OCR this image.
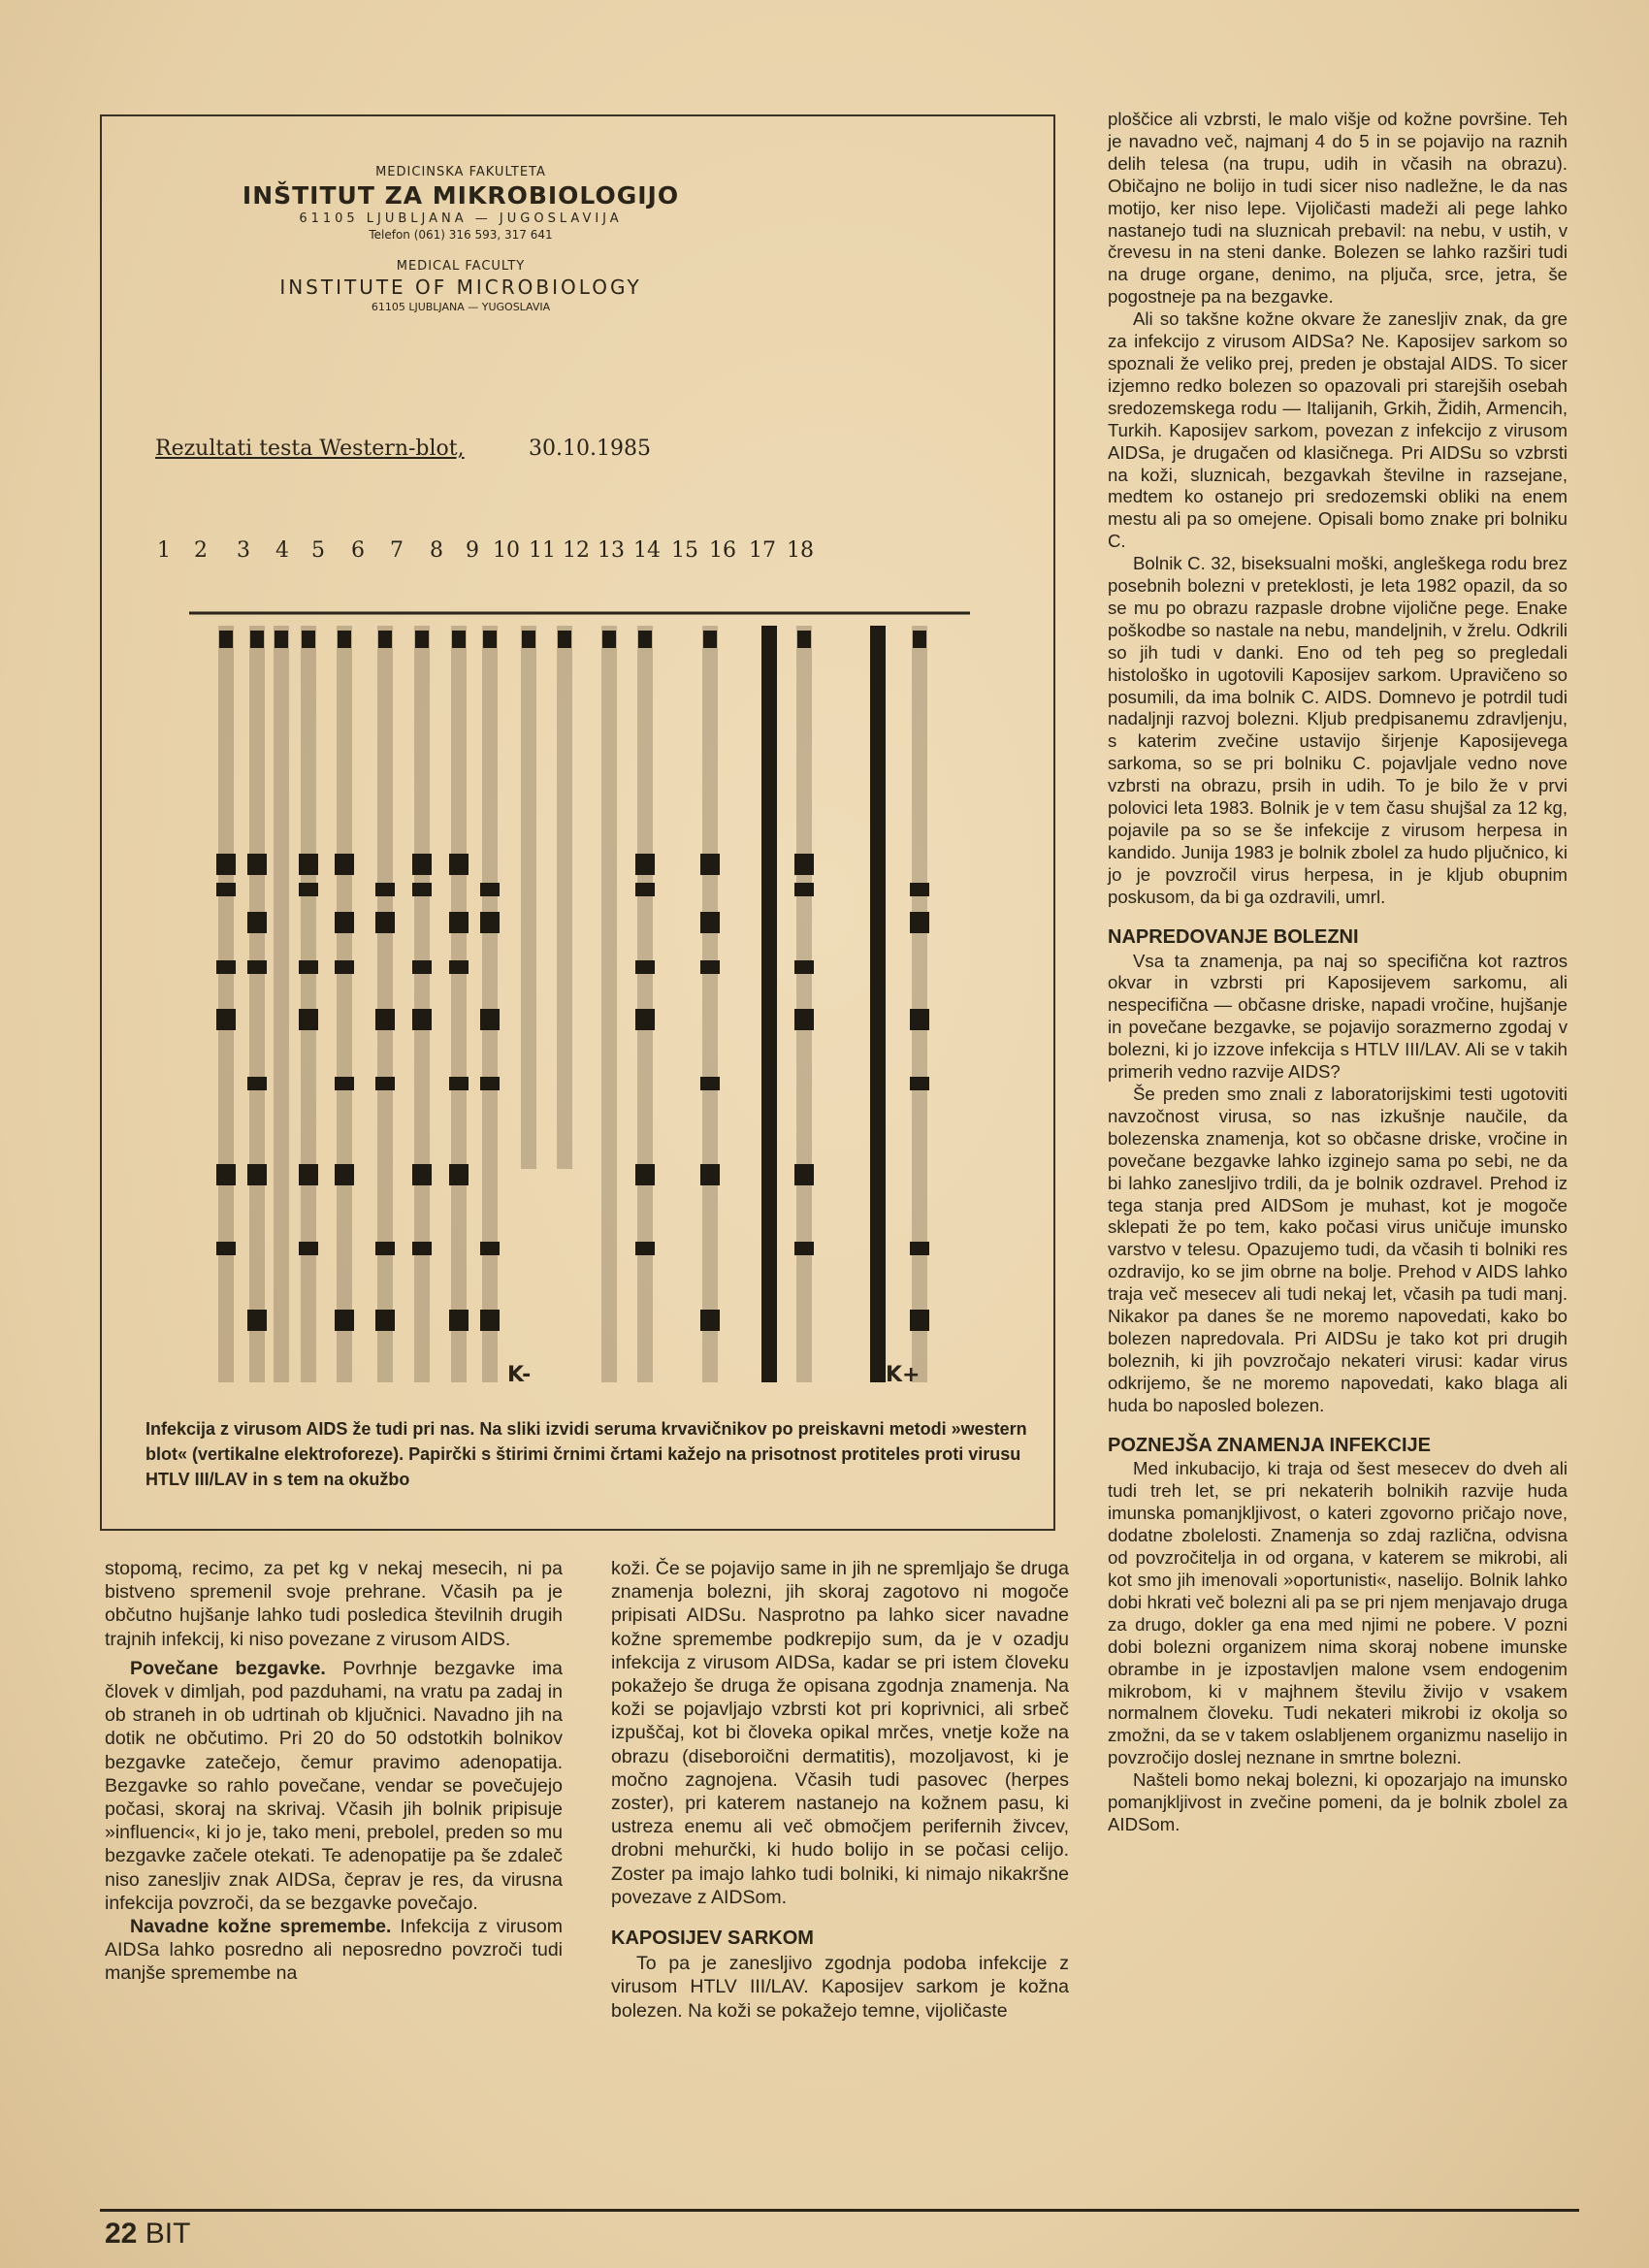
MEDICINSKA FAKULTETA

INŠTITUT ZA MIKROBIOLOGIJO

61105 LJUBLJANA — JUGOSLAVIJA

Telefon (061) 316 593, 317 641

MEDICAL FACULTY

INSTITUTE OF MICROBIOLOGY

61105 LJUBLJANA — YUGOSLAVIA

Rezultati testa Western-blot,	30.10.1985
1 2 3 4 5 6 7 8 9 10 11 12 13 14 15 16 17 18
K-	K+
Infekcija z virusom AIDS že tudi pri nas. Na sliki izvidi seruma krvavičnikov po preiskavni metodi »western blot« (vertikalne elektroforeze). Papirčki s štirimi črnimi črtami kažejo na prisotnost protiteles proti virusu HTLV III/LAV in s tem na okužbo

stopomą, recimo, za pet kg v nekaj mesecih, ni pa bistveno spremenil svoje prehrane. Včasih pa je občutno hujšanje lahko tudi posledica številnih drugih trajnih infekcij, ki niso povezane z virusom AIDS.

Povečane bezgavke. Povrhnje bezgavke ima človek v dimljah, pod pazduhami, na vratu pa zadaj in ob straneh in ob udrtinah ob ključnici. Navadno jih na dotik ne občutimo. Pri 20 do 50 odstotkih bolnikov bezgavke zatečejo, čemur pravimo adenopatija. Bezgavke so rahlo povečane, vendar se povečujejo počasi, skoraj na skrivaj. Včasih jih bolnik pripisuje »influenci«, ki jo je, tako meni, prebolel, preden so mu bezgavke začele otekati. Te adenopatije pa še zdaleč niso zanesljiv znak AIDSa, čeprav je res, da virusna infekcija povzroči, da se bezgavke povečajo.

Navadne kožne spremembe. Infekcija z virusom AIDSa lahko posredno ali neposredno povzroči tudi manjše spremembe na

koži. Če se pojavijo same in jih ne spremljajo še druga znamenja bolezni, jih skoraj zagotovo ni mogoče pripisati AIDSu. Nasprotno pa lahko sicer navadne kožne spremembe podkrepijo sum, da je v ozadju infekcija z virusom AIDSa, kadar se pri istem človeku pokažejo še druga že opisana zgodnja znamenja. Na koži se pojavljajo vzbrsti kot pri koprivnici, ali srbeč izpuščaj, kot bi človeka opikal mrčes, vnetje kože na obrazu (diseboroični dermatitis), mozoljavost, ki je močno zagnojena. Včasih tudi pasovec (herpes zoster), pri katerem nastanejo na kožnem pasu, ki ustreza enemu ali več območjem perifernih živcev, drobni mehurčki, ki hudo bolijo in se počasi celijo. Zoster pa imajo lahko tudi bolniki, ki nimajo nikakršne povezave z AIDSom.

KAPOSIJEV SARKOM

To pa je zanesljivo zgodnja podoba infekcije z virusom HTLV III/LAV. Kaposijev sarkom je kožna bolezen. Na koži se pokažejo temne, vijoličaste

ploščice ali vzbrsti, le malo višje od kožne površine. Teh je navadno več, najmanj 4 do 5 in se pojavijo na raznih delih telesa (na trupu, udih in včasih na obrazu). Običajno ne bolijo in tudi sicer niso nadležne, le da nas motijo, ker niso lepe. Vijoličasti madeži ali pege lahko nastanejo tudi na sluznicah prebavil: na nebu, v ustih, v črevesu in na steni danke. Bolezen se lahko razširi tudi na druge organe, denimo, na pljuča, srce, jetra, še pogostneje pa na bezgavke.

Ali so takšne kožne okvare že zanesljiv znak, da gre za infekcijo z virusom AIDSa? Ne. Kaposijev sarkom so spoznali že veliko prej, preden je obstajal AIDS. To sicer izjemno redko bolezen so opazovali pri starejših osebah sredozemskega rodu — Italijanih, Grkih, Židih, Armencih, Turkih. Kaposijev sarkom, povezan z infekcijo z virusom AIDSa, je drugačen od klasičnega. Pri AIDSu so vzbrsti na koži, sluznicah, bezgavkah številne in razsejane, medtem ko ostanejo pri sredozemski obliki na enem mestu ali pa so omejene. Opisali bomo znake pri bolniku C.

Bolnik C. 32, biseksualni moški, angleškega rodu brez posebnih bolezni v preteklosti, je leta 1982 opazil, da so se mu po obrazu razpasle drobne vijolične pege. Enake poškodbe so nastale na nebu, mandeljnih, v žrelu. Odkrili so jih tudi v danki. Eno od teh peg so pregledali histološko in ugotovili Kaposijev sarkom. Upravičeno so posumili, da ima bolnik C. AIDS. Domnevo je potrdil tudi nadaljnji razvoj bolezni. Kljub predpisanemu zdravljenju, s katerim zvečine ustavijo širjenje Kaposijevega sarkoma, so se pri bolniku C. pojavljale vedno nove vzbrsti na obrazu, prsih in udih. To je bilo že v prvi polovici leta 1983. Bolnik je v tem času shujšal za 12 kg, pojavile pa so se še infekcije z virusom herpesa in kandido. Junija 1983 je bolnik zbolel za hudo pljučnico, ki jo je povzročil virus herpesa, in je kljub obupnim poskusom, da bi ga ozdravili, umrl.

NAPREDOVANJE BOLEZNI

Vsa ta znamenja, pa naj so specifična kot raztros okvar in vzbrsti pri Kaposijevem sarkomu, ali nespecifična — občasne driske, napadi vročine, hujšanje in povečane bezgavke, se pojavijo sorazmerno zgodaj v bolezni, ki jo izzove infekcija s HTLV III/LAV. Ali se v takih primerih vedno razvije AIDS?

Še preden smo znali z laboratorijskimi testi ugotoviti navzočnost virusa, so nas izkušnje naučile, da bolezenska znamenja, kot so občasne driske, vročine in povečane bezgavke lahko izginejo sama po sebi, ne da bi lahko zanesljivo trdili, da je bolnik ozdravel. Prehod iz tega stanja pred AIDSom je muhast, kot je mogoče sklepati že po tem, kako počasi virus uničuje imunsko varstvo v telesu. Opazujemo tudi, da včasih ti bolniki res ozdravijo, ko se jim obrne na bolje. Prehod v AIDS lahko traja več mesecev ali tudi nekaj let, včasih pa tudi manj. Nikakor pa danes še ne moremo napovedati, kako bo bolezen napredovala. Pri AIDSu je tako kot pri drugih boleznih, ki jih povzročajo nekateri virusi: kadar virus odkrijemo, še ne moremo napovedati, kako blaga ali huda bo naposled bolezen.

POZNEJŠA ZNAMENJA INFEKCIJE

Med inkubacijo, ki traja od šest mesecev do dveh ali tudi treh let, se pri nekaterih bolnikih razvije huda imunska pomanjkljivost, o kateri zgovorno pričajo nove, dodatne zbolelosti. Znamenja so zdaj različna, odvisna od povzročitelja in od organa, v katerem se mikrobi, ali kot smo jih imenovali »oportunisti«, naselijo. Bolnik lahko dobi hkrati več bolezni ali pa se pri njem menjavajo druga za drugo, dokler ga ena med njimi ne pobere. V pozni dobi bolezni organizem nima skoraj nobene imunske obrambe in je izpostavljen malone vsem endogenim mikrobom, ki v majhnem številu živijo v vsakem normalnem človeku. Tudi nekateri mikrobi iz okolja so zmožni, da se v takem oslabljenem organizmu naselijo in povzročijo doslej neznane in smrtne bolezni.

Našteli bomo nekaj bolezni, ki opozarjajo na imunsko pomanjkljivost in zvečine pomeni, da je bolnik zbolel za AIDSom.

22 BIT
